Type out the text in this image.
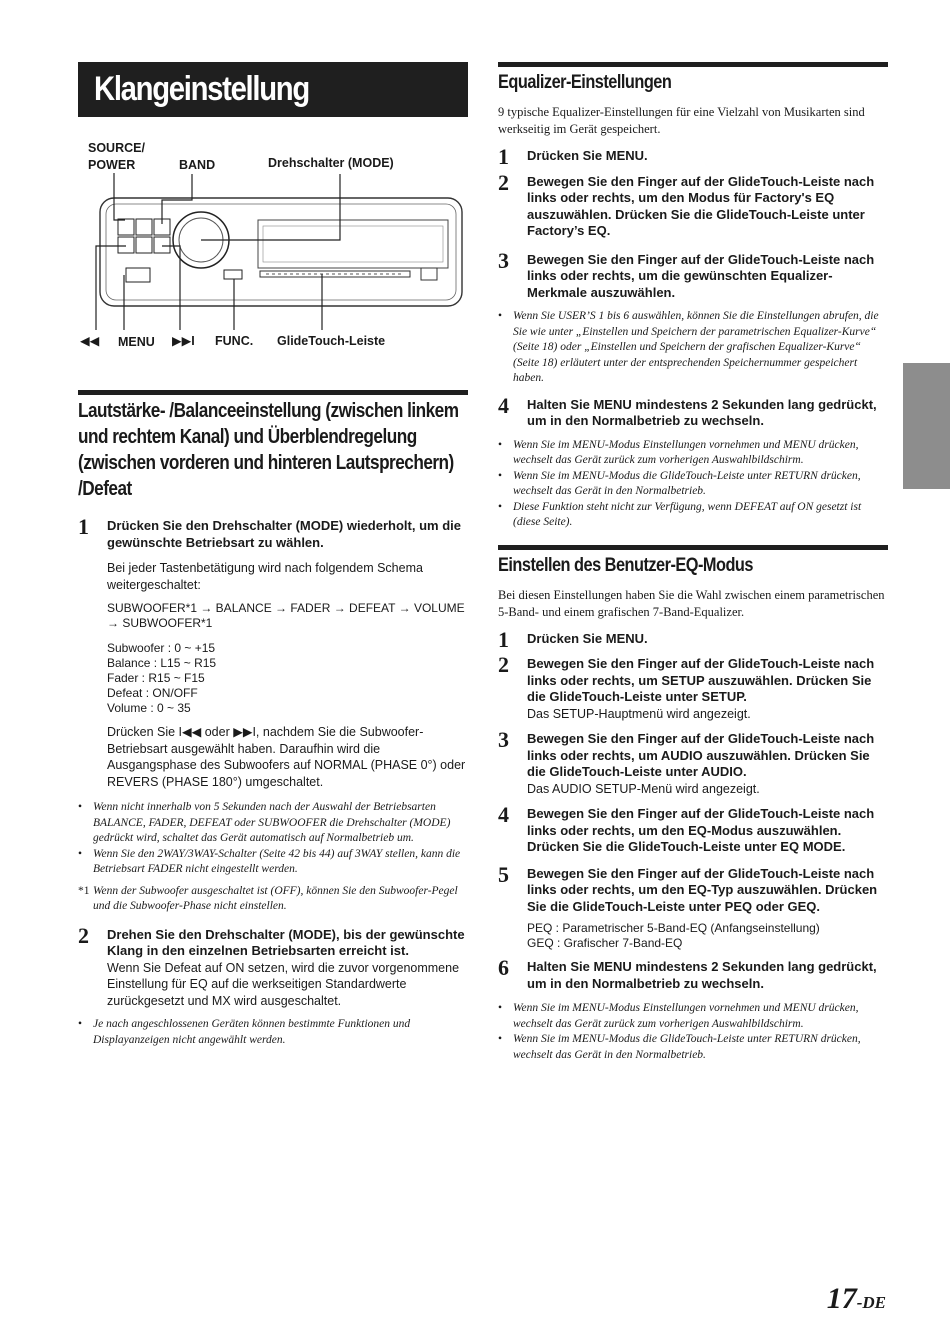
Klangeinstellung
SOURCE/
POWER	BAND	Drehschalter (MODE)
◀◀ MENU ▶▶I FUNC. GlideTouch-Leiste
Lautstärke- /Balanceeinstellung (zwischen linkem und rechtem Kanal) und Überblendregelung (zwischen vorderen und hinteren Lautsprechern) /Defeat
1 Drücken Sie den Drehschalter (MODE) wiederholt, um die gewünschte Betriebsart zu wählen.
Bei jeder Tastenbetätigung wird nach folgendem Schema weitergeschaltet:
SUBWOOFER*1 → BALANCE → FADER → DEFEAT → VOLUME → SUBWOOFER*1
Subwoofer : 0 ~ +15
Balance : L15 ~ R15
Fader : R15 ~ F15
Defeat : ON/OFF
Volume : 0 ~ 35
Drücken Sie I◀◀ oder ▶▶I, nachdem Sie die Subwoofer-Betriebsart ausgewählt haben. Daraufhin wird die Ausgangsphase des Subwoofers auf NORMAL (PHASE 0°) oder REVERS (PHASE 180°) umgeschaltet.
• Wenn nicht innerhalb von 5 Sekunden nach der Auswahl der Betriebsarten BALANCE, FADER, DEFEAT oder SUBWOOFER die Drehschalter (MODE) gedrückt wird, schaltet das Gerät automatisch auf Normalbetrieb um.
• Wenn Sie den 2WAY/3WAY-Schalter (Seite 42 bis 44) auf 3WAY stellen, kann die Betriebsart FADER nicht eingestellt werden.
*1 Wenn der Subwoofer ausgeschaltet ist (OFF), können Sie den Subwoofer-Pegel und die Subwoofer-Phase nicht einstellen.
2 Drehen Sie den Drehschalter (MODE), bis der gewünschte Klang in den einzelnen Betriebsarten erreicht ist.
Wenn Sie Defeat auf ON setzen, wird die zuvor vorgenommene Einstellung für EQ auf die werkseitigen Standardwerte zurückgesetzt und MX wird ausgeschaltet.
• Je nach angeschlossenen Geräten können bestimmte Funktionen und Displayanzeigen nicht angewählt werden.
Equalizer-Einstellungen
9 typische Equalizer-Einstellungen für eine Vielzahl von Musikarten sind werkseitig im Gerät gespeichert.
1 Drücken Sie MENU.
2 Bewegen Sie den Finger auf der GlideTouch-Leiste nach links oder rechts, um den Modus für Factory's EQ auszuwählen. Drücken Sie die GlideTouch-Leiste unter Factory’s EQ.
3 Bewegen Sie den Finger auf der GlideTouch-Leiste nach links oder rechts, um die gewünschten Equalizer-Merkmale auszuwählen.
• Wenn Sie USER’S 1 bis 6 auswählen, können Sie die Einstellungen abrufen, die Sie wie unter „Einstellen und Speichern der parametrischen Equalizer-Kurve“ (Seite 18) oder „Einstellen und Speichern der grafischen Equalizer-Kurve“ (Seite 18) erläutert unter der entsprechenden Speichernummer gespeichert haben.
4 Halten Sie MENU mindestens 2 Sekunden lang gedrückt, um in den Normalbetrieb zu wechseln.
• Wenn Sie im MENU-Modus Einstellungen vornehmen und MENU drücken, wechselt das Gerät zurück zum vorherigen Auswahlbildschirm.
• Wenn Sie im MENU-Modus die GlideTouch-Leiste unter RETURN drücken, wechselt das Gerät in den Normalbetrieb.
• Diese Funktion steht nicht zur Verfügung, wenn DEFEAT auf ON gesetzt ist (diese Seite).
Einstellen des Benutzer-EQ-Modus
Bei diesen Einstellungen haben Sie die Wahl zwischen einem parametrischen 5-Band- und einem grafischen 7-Band-Equalizer.
1 Drücken Sie MENU.
2 Bewegen Sie den Finger auf der GlideTouch-Leiste nach links oder rechts, um SETUP auszuwählen. Drücken Sie die GlideTouch-Leiste unter SETUP.
Das SETUP-Hauptmenü wird angezeigt.
3 Bewegen Sie den Finger auf der GlideTouch-Leiste nach links oder rechts, um AUDIO auszuwählen. Drücken Sie die GlideTouch-Leiste unter AUDIO.
Das AUDIO SETUP-Menü wird angezeigt.
4 Bewegen Sie den Finger auf der GlideTouch-Leiste nach links oder rechts, um den EQ-Modus auszuwählen. Drücken Sie die GlideTouch-Leiste unter EQ MODE.
5 Bewegen Sie den Finger auf der GlideTouch-Leiste nach links oder rechts, um den EQ-Typ auszuwählen. Drücken Sie die GlideTouch-Leiste unter PEQ oder GEQ.
PEQ : Parametrischer 5-Band-EQ (Anfangseinstellung)
GEQ : Grafischer 7-Band-EQ
6 Halten Sie MENU mindestens 2 Sekunden lang gedrückt, um in den Normalbetrieb zu wechseln.
• Wenn Sie im MENU-Modus Einstellungen vornehmen und MENU drücken, wechselt das Gerät zurück zum vorherigen Auswahlbildschirm.
• Wenn Sie im MENU-Modus die GlideTouch-Leiste unter RETURN drücken, wechselt das Gerät in den Normalbetrieb.
17-DE
